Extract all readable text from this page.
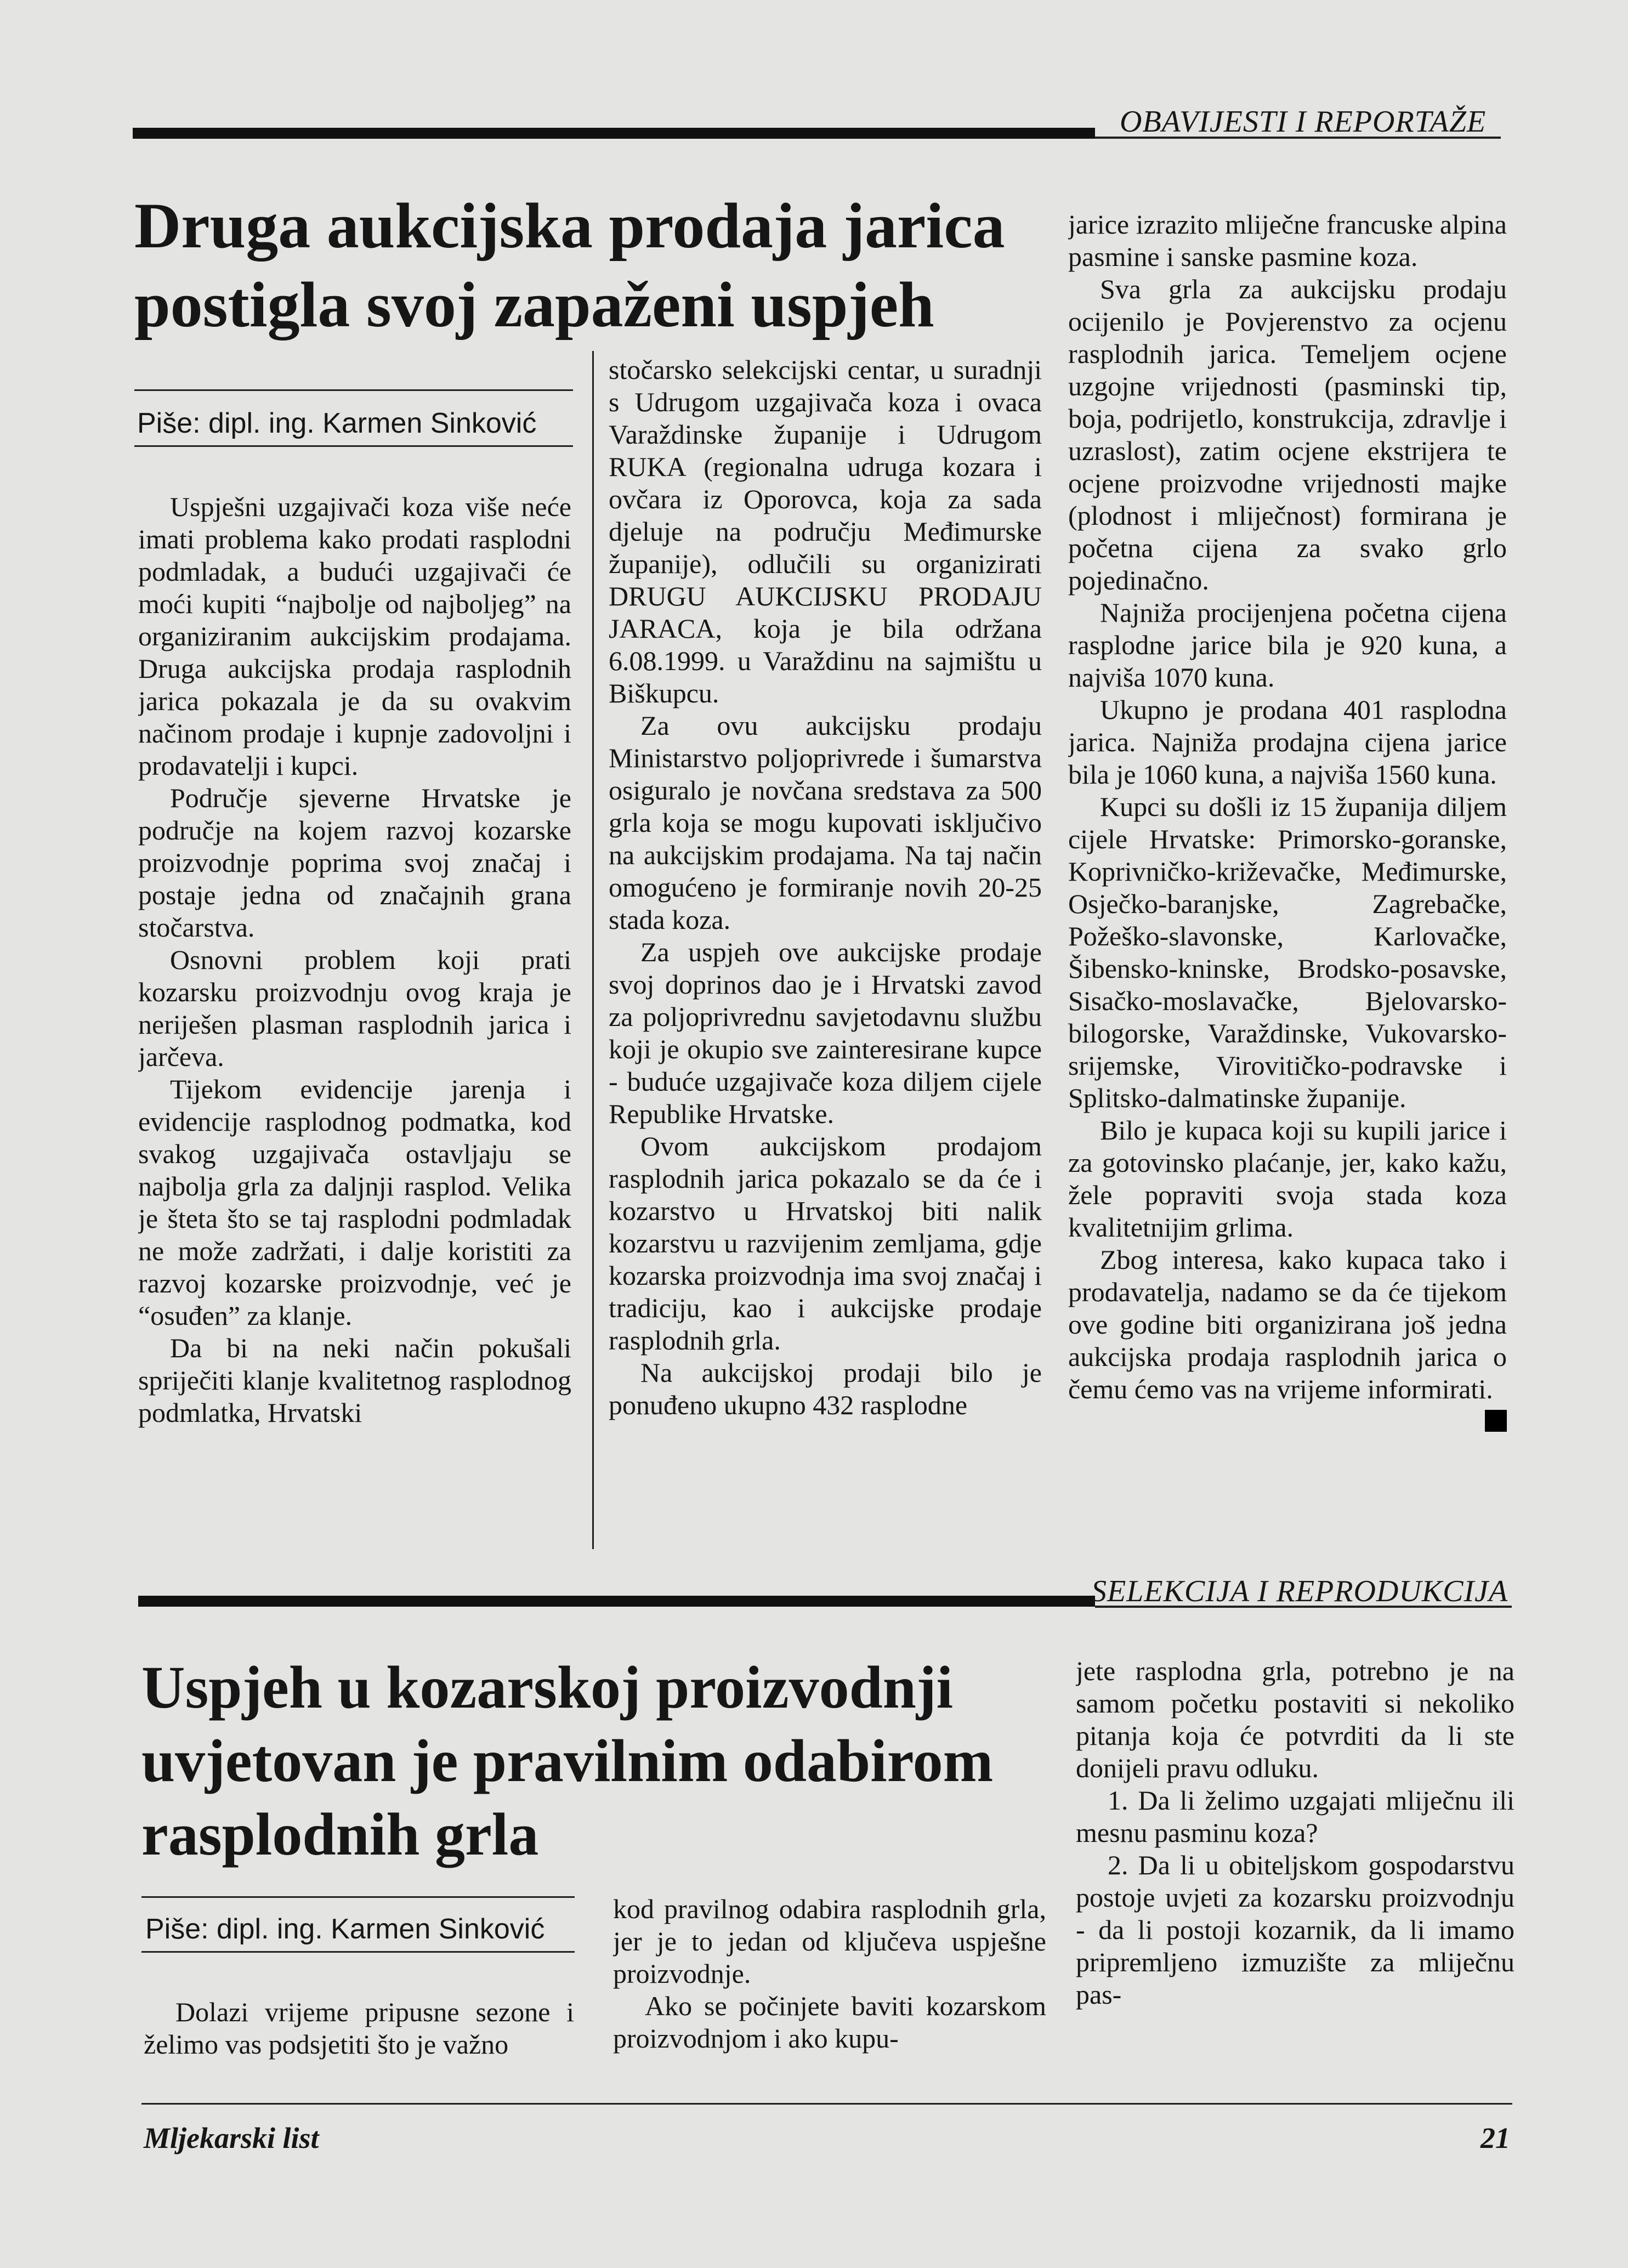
OBAVIJESTI I REPORTAŽE
Druga aukcijska prodaja jarica
postigla svoj zapaženi uspjeh
Piše: dipl. ing. Karmen Sinković

Uspješni uzgajivači koza više neće imati problema kako prodati rasplodni podmladak, a budući uzgajivači će moći kupiti “najbolje od najboljeg” na organiziranim aukcijskim prodajama. Druga aukcijska prodaja rasplodnih jarica pokazala je da su ovakvim načinom prodaje i kupnje zadovoljni i prodavatelji i kupci.

Područje sjeverne Hrvatske je područje na kojem razvoj kozarske proizvodnje poprima svoj značaj i postaje jedna od značajnih grana stočarstva.

Osnovni problem koji prati kozarsku proizvodnju ovog kraja je neriješen plasman rasplodnih jarica i jarčeva.

Tijekom evidencije jarenja i evidencije rasplodnog podmatka, kod svakog uzgajivača ostavljaju se najbolja grla za daljnji rasplod. Velika je šteta što se taj rasplodni podmladak ne može zadržati, i dalje koristiti za razvoj kozarske proizvodnje, već je “osuđen” za klanje.

Da bi na neki način pokušali spriječiti klanje kvalitetnog rasplodnog podmlatka, Hrvatski

stočarsko selekcijski centar, u suradnji s Udrugom uzgajivača koza i ovaca Varaždinske županije i Udrugom RUKA (regionalna udruga kozara i ovčara iz Oporovca, koja za sada djeluje na području Međimurske županije), odlučili su organizirati DRUGU AUKCIJSKU PRODAJU JARACA, koja je bila održana 6.08.1999. u Varaždinu na sajmištu u Biškupcu.

Za ovu aukcijsku prodaju Ministarstvo poljoprivrede i šumarstva osiguralo je novčana sredstava za 500 grla koja se mogu kupovati isključivo na aukcijskim prodajama. Na taj način omogućeno je formiranje novih 20-25 stada koza.

Za uspjeh ove aukcijske prodaje svoj doprinos dao je i Hrvatski zavod za poljoprivrednu savjetodavnu službu koji je okupio sve zainteresirane kupce - buduće uzgajivače koza diljem cijele Republike Hrvatske.

Ovom aukcijskom prodajom rasplodnih jarica pokazalo se da će i kozarstvo u Hrvatskoj biti nalik kozarstvu u razvijenim zemljama, gdje kozarska proizvodnja ima svoj značaj i tradiciju, kao i aukcijske prodaje rasplodnih grla.

Na aukcijskoj prodaji bilo je ponuđeno ukupno 432 rasplodne

jarice izrazito mliječne francuske alpina pasmine i sanske pasmine koza.

Sva grla za aukcijsku prodaju ocijenilo je Povjerenstvo za ocjenu rasplodnih jarica. Temeljem ocjene uzgojne vrijednosti (pasminski tip, boja, podrijetlo, konstrukcija, zdravlje i uzraslost), zatim ocjene ekstrijera te ocjene proizvodne vrijednosti majke (plodnost i mliječnost) formirana je početna cijena za svako grlo pojedinačno.

Najniža procijenjena početna cijena rasplodne jarice bila je 920 kuna, a najviša 1070 kuna.

Ukupno je prodana 401 rasplodna jarica. Najniža prodajna cijena jarice bila je 1060 kuna, a najviša 1560 kuna.

Kupci su došli iz 15 županija diljem cijele Hrvatske: Primorsko-goranske, Koprivničko-križevačke, Međimurske, Osječko-baranjske, Zagrebačke, Požeško-slavonske, Karlovačke, Šibensko-kninske, Brodsko-posavske, Sisačko-moslavačke, Bjelovarsko-bilogorske, Varaždinske, Vukovarsko-srijemske, Virovitičko-podravske i Splitsko-dalmatinske županije.

Bilo je kupaca koji su kupili jarice i za gotovinsko plaćanje, jer, kako kažu, žele popraviti svoja stada koza kvalitetnijim grlima.

Zbog interesa, kako kupaca tako i prodavatelja, nadamo se da će tijekom ove godine biti organizirana još jedna aukcijska prodaja rasplodnih jarica o čemu ćemo vas na vrijeme informirati.

SELEKCIJA I REPRODUKCIJA
Uspjeh u kozarskoj proizvodnji
uvjetovan je pravilnim odabirom
rasplodnih grla
Piše: dipl. ing. Karmen Sinković

Dolazi vrijeme pripusne sezone i želimo vas podsjetiti što je važno

kod pravilnog odabira rasplodnih grla, jer je to jedan od ključeva uspješne proizvodnje.

Ako se počinjete baviti kozarskom proizvodnjom i ako kupu-

jete rasplodna grla, potrebno je na samom početku postaviti si nekoliko pitanja koja će potvrditi da li ste donijeli pravu odluku.

1. Da li želimo uzgajati mliječnu ili mesnu pasminu koza?

2. Da li u obiteljskom gospodarstvu postoje uvjeti za kozarsku proizvodnju - da li postoji kozarnik, da li imamo pripremljeno izmuzište za mliječnu pas-

Mljekarski list	21
